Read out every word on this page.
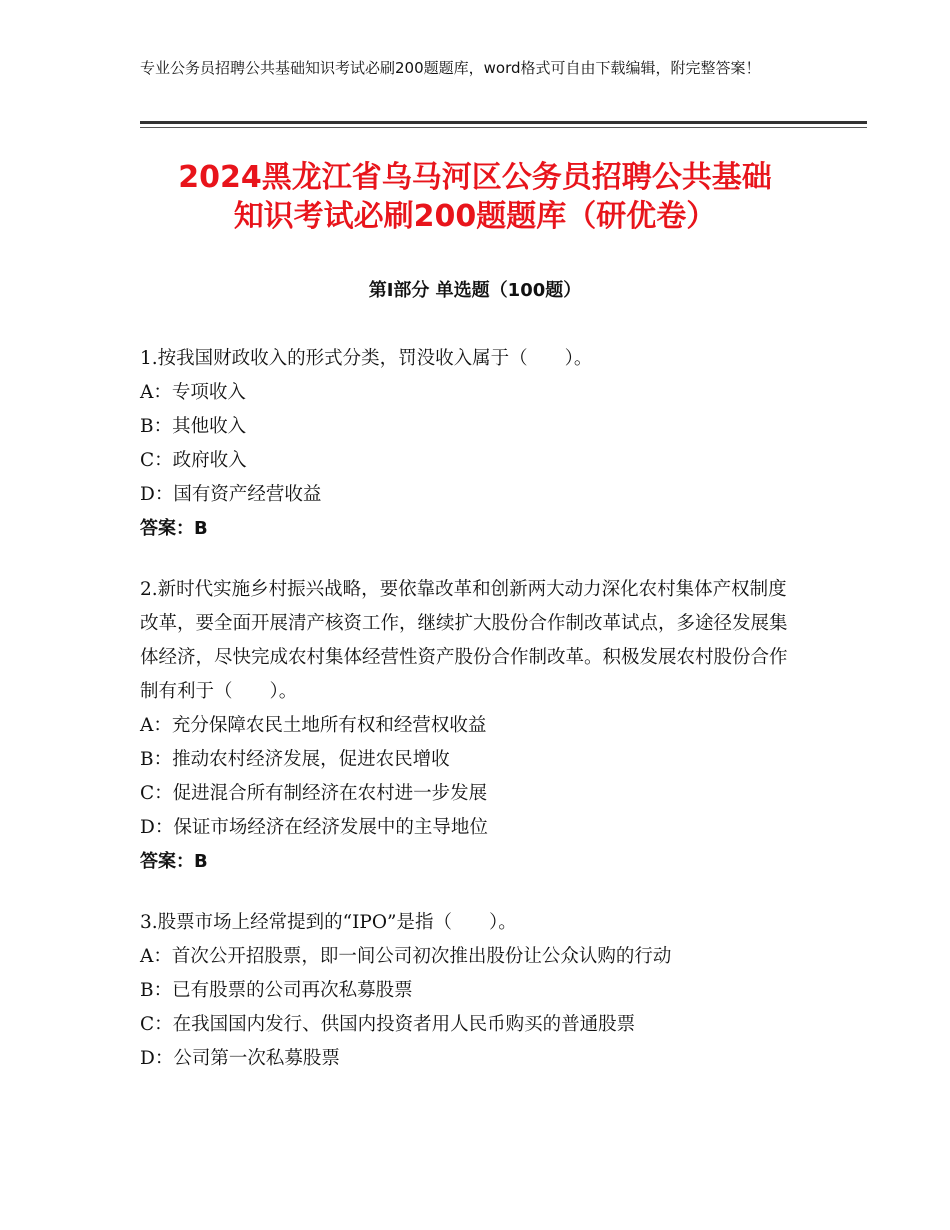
专业公务员招聘公共基础知识考试必刷200题题库，word格式可自由下载编辑，附完整答案！
2024黑龙江省乌马河区公务员招聘公共基础
知识考试必刷200题题库（研优卷）
第Ⅰ部分 单选题（100题）
1.按我国财政收入的形式分类，罚没收入属于（　　）。
A：专项收入
B：其他收入
C：政府收入
D：国有资产经营收益
答案：B
2.新时代实施乡村振兴战略，要依靠改革和创新两大动力深化农村集体产权制度改革，要全面开展清产核资工作，继续扩大股份合作制改革试点，多途径发展集体经济，尽快完成农村集体经营性资产股份合作制改革。积极发展农村股份合作制有利于（　　）。
A：充分保障农民土地所有权和经营权收益
B：推动农村经济发展，促进农民增收
C：促进混合所有制经济在农村进一步发展
D：保证市场经济在经济发展中的主导地位
答案：B
3.股票市场上经常提到的“IPO”是指（　　）。
A：首次公开招股票，即一间公司初次推出股份让公众认购的行动
B：已有股票的公司再次私募股票
C：在我国国内发行、供国内投资者用人民币购买的普通股票
D：公司第一次私募股票
